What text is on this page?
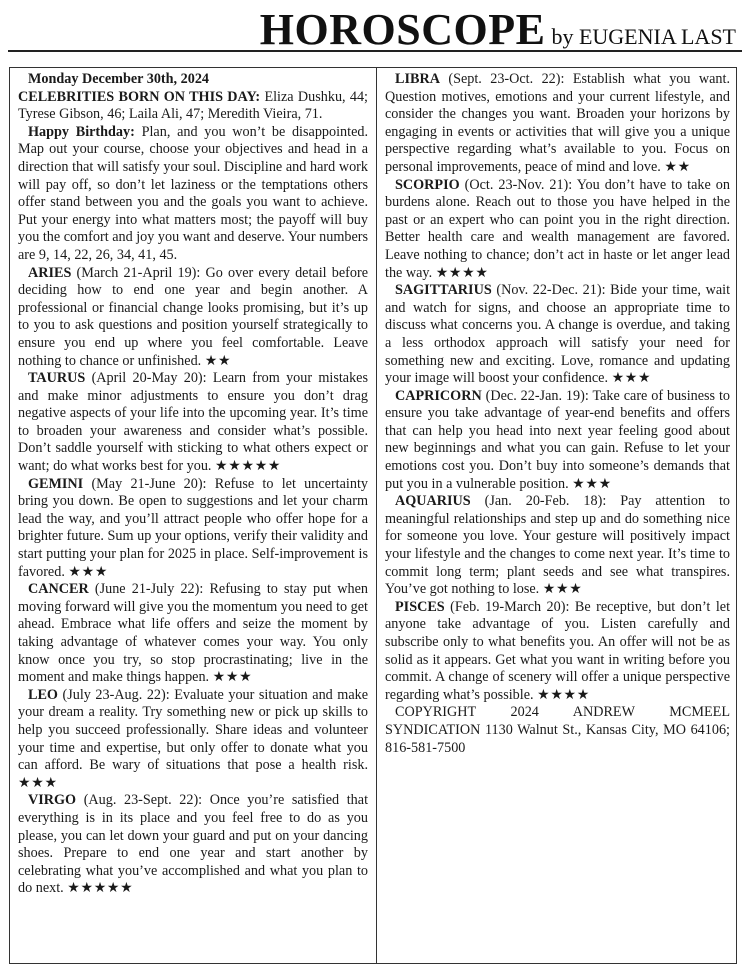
HOROSCOPE by EUGENIA LAST

Monday December 30th, 2024

CELEBRITIES BORN ON THIS DAY: Eliza Dushku, 44; Tyrese Gibson, 46; Laila Ali, 47; Meredith Vieira, 71.

Happy Birthday: Plan, and you won’t be disappointed. Map out your course, choose your objectives and head in a direction that will satisfy your soul. Discipline and hard work will pay off, so don’t let laziness or the temptations others offer stand between you and the goals you want to achieve. Put your energy into what matters most; the payoff will buy you the comfort and joy you want and deserve. Your numbers are 9, 14, 22, 26, 34, 41, 45.

ARIES (March 21-April 19): Go over every detail before deciding how to end one year and begin another. A professional or financial change looks promising, but it’s up to you to ask questions and position yourself strategically to ensure you end up where you feel comfortable. Leave nothing to chance or unfinished. ★★

TAURUS (April 20-May 20): Learn from your mistakes and make minor adjustments to ensure you don’t drag negative aspects of your life into the upcoming year. It’s time to broaden your awareness and consider what’s possible. Don’t saddle yourself with sticking to what others expect or want; do what works best for you. ★★★★★

GEMINI (May 21-June 20): Refuse to let uncertainty bring you down. Be open to suggestions and let your charm lead the way, and you’ll attract people who offer hope for a brighter future. Sum up your options, verify their validity and start putting your plan for 2025 in place. Self-improvement is favored. ★★★

CANCER (June 21-July 22): Refusing to stay put when moving forward will give you the momentum you need to get ahead. Embrace what life offers and seize the moment by taking advantage of whatever comes your way. You only know once you try, so stop procrastinating; live in the moment and make things happen. ★★★

LEO (July 23-Aug. 22): Evaluate your situation and make your dream a reality. Try something new or pick up skills to help you succeed professionally. Share ideas and volunteer your time and expertise, but only offer to donate what you can afford. Be wary of situations that pose a health risk. ★★★

VIRGO (Aug. 23-Sept. 22): Once you’re satisfied that everything is in its place and you feel free to do as you please, you can let down your guard and put on your dancing shoes. Prepare to end one year and start another by celebrating what you’ve accomplished and what you plan to do next. ★★★★★

LIBRA (Sept. 23-Oct. 22): Establish what you want. Question motives, emotions and your current lifestyle, and consider the changes you want. Broaden your horizons by engaging in events or activities that will give you a unique perspective regarding what’s available to you. Focus on personal improvements, peace of mind and love. ★★

SCORPIO (Oct. 23-Nov. 21): You don’t have to take on burdens alone. Reach out to those you have helped in the past or an expert who can point you in the right direction. Better health care and wealth management are favored. Leave nothing to chance; don’t act in haste or let anger lead the way. ★★★★

SAGITTARIUS (Nov. 22-Dec. 21): Bide your time, wait and watch for signs, and choose an appropriate time to discuss what concerns you. A change is overdue, and taking a less orthodox approach will satisfy your need for something new and exciting. Love, romance and updating your image will boost your confidence. ★★★

CAPRICORN (Dec. 22-Jan. 19): Take care of business to ensure you take advantage of year-end benefits and offers that can help you head into next year feeling good about new beginnings and what you can gain. Refuse to let your emotions cost you. Don’t buy into someone’s demands that put you in a vulnerable position. ★★★

AQUARIUS (Jan. 20-Feb. 18): Pay attention to meaningful relationships and step up and do something nice for someone you love. Your gesture will positively impact your lifestyle and the changes to come next year. It’s time to commit long term; plant seeds and see what transpires. You’ve got nothing to lose. ★★★

PISCES (Feb. 19-March 20): Be receptive, but don’t let anyone take advantage of you. Listen carefully and subscribe only to what benefits you. An offer will not be as solid as it appears. Get what you want in writing before you commit. A change of scenery will offer a unique perspective regarding what’s possible. ★★★★

COPYRIGHT 2024 ANDREW MCMEEL SYNDICATION 1130 Walnut St., Kansas City, MO 64106; 816-581-7500
